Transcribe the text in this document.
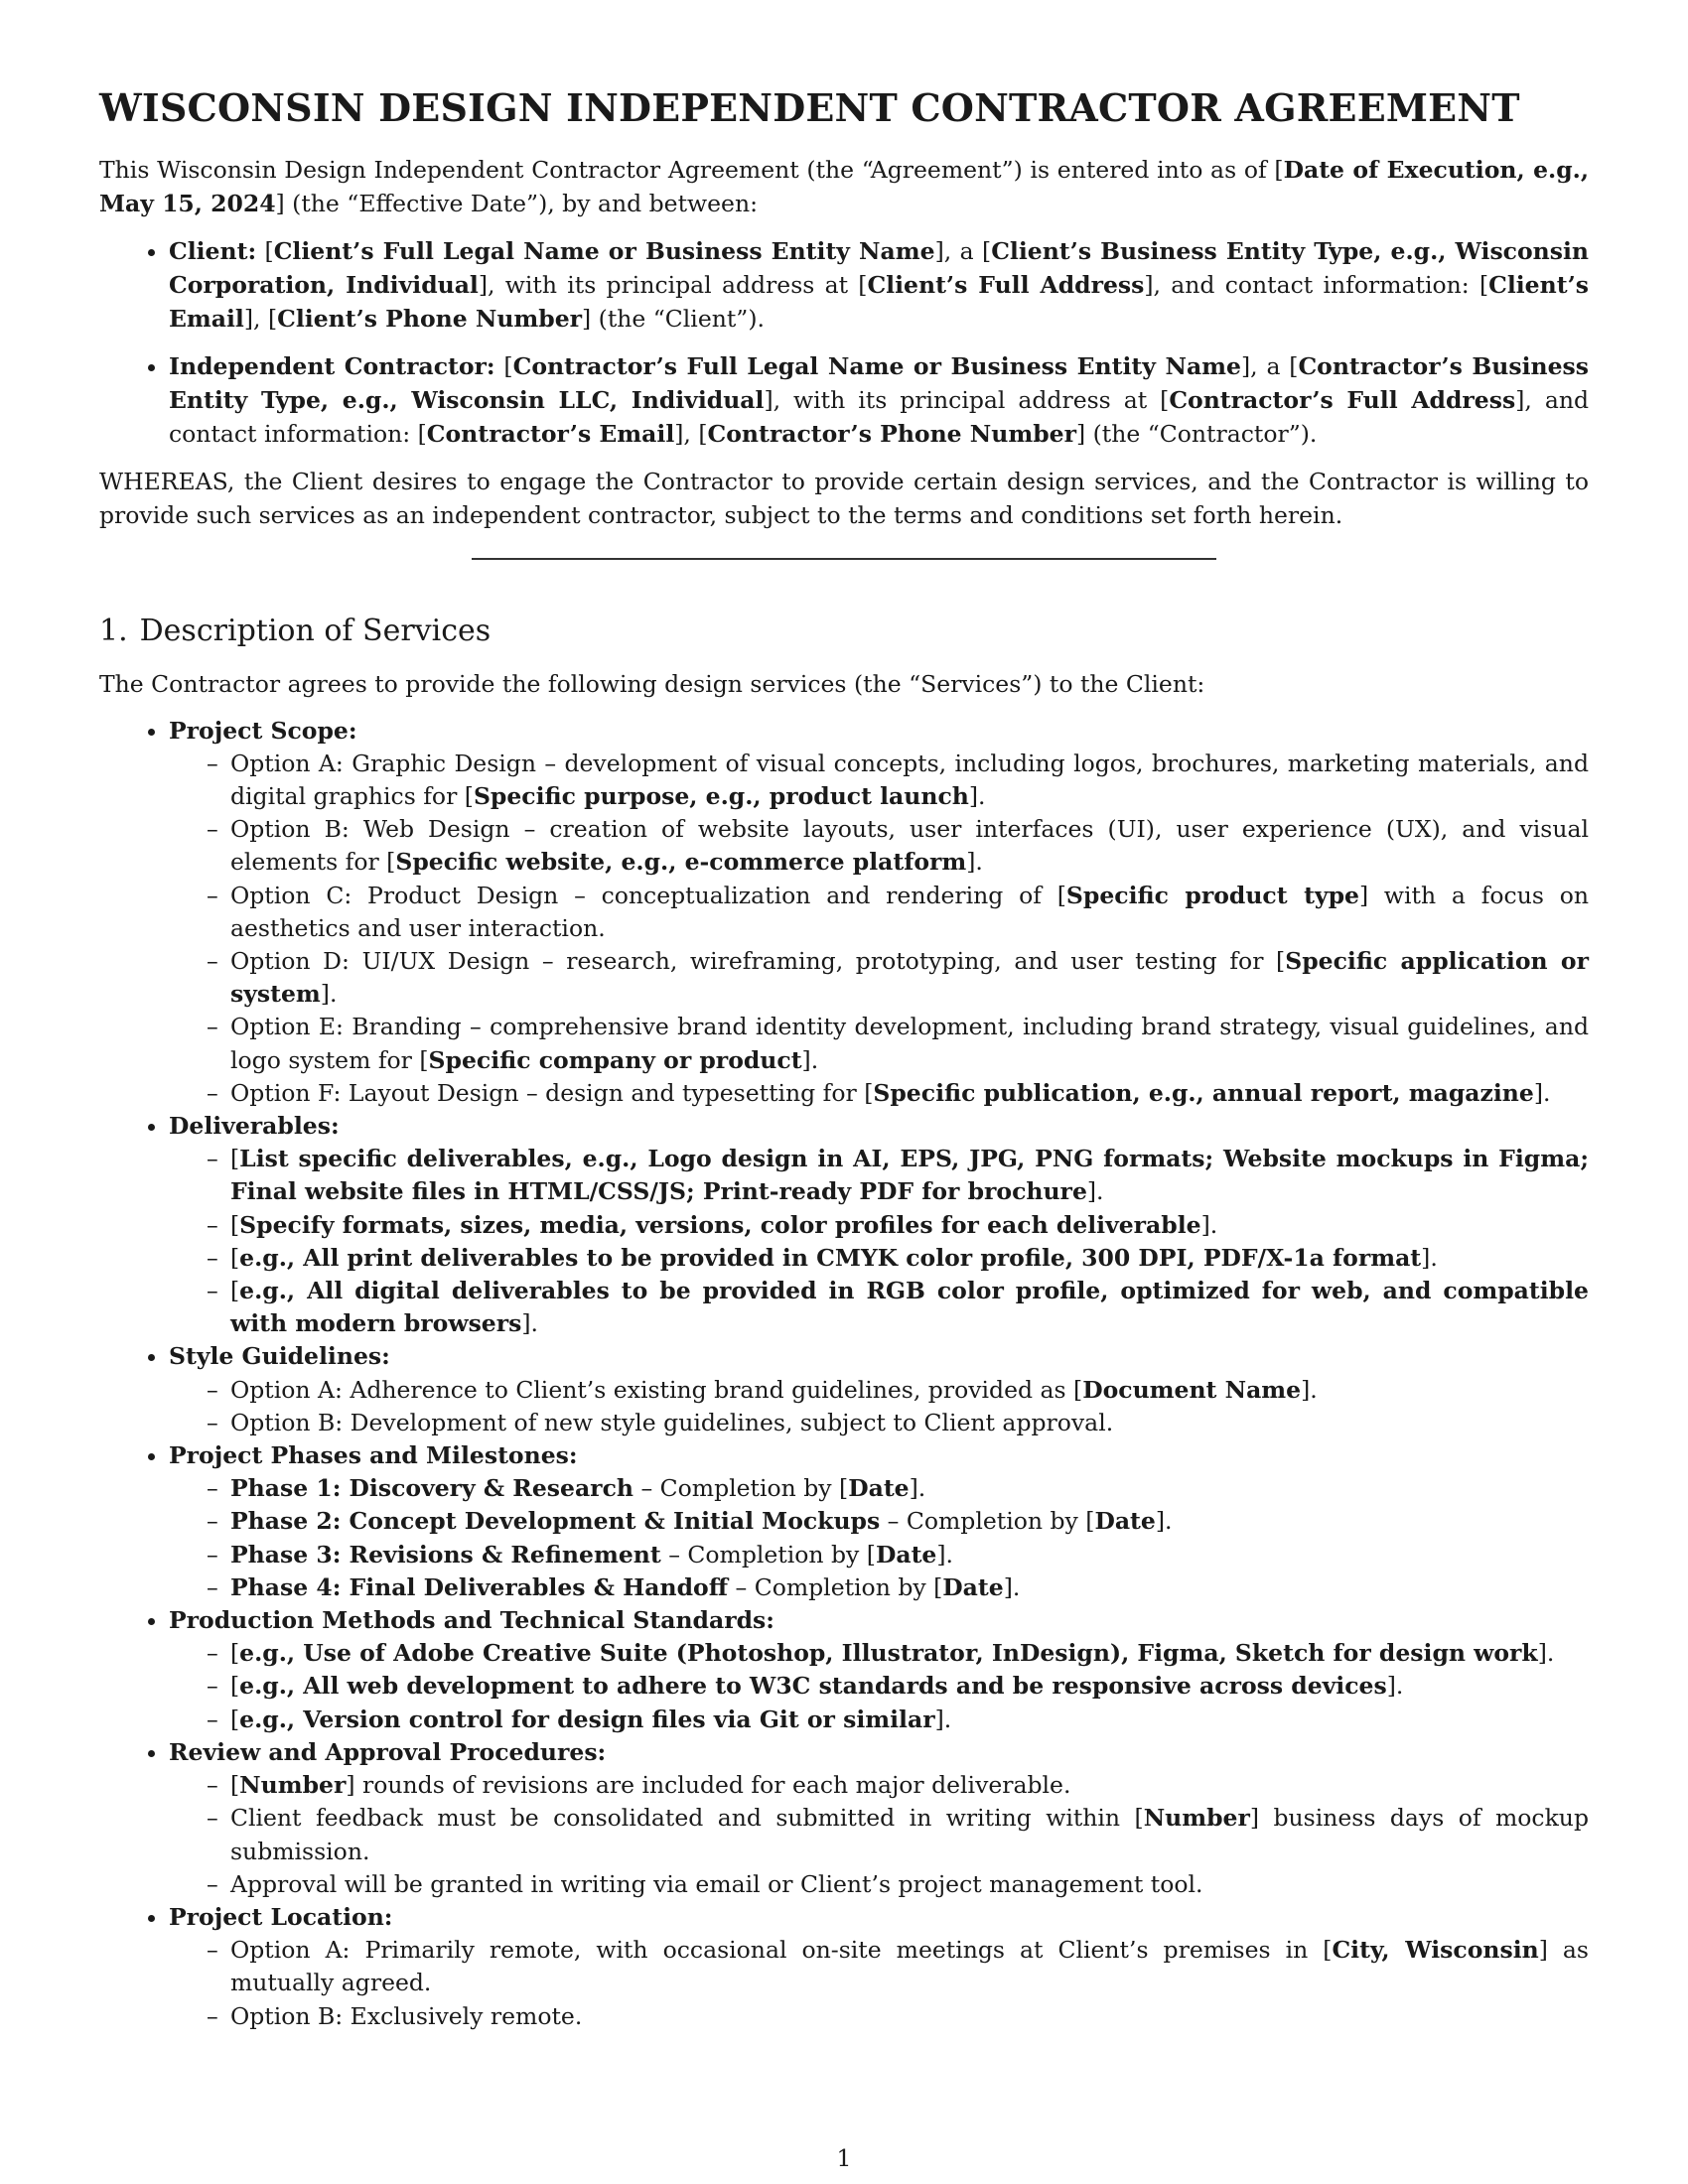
WISCONSIN DESIGN INDEPENDENT CONTRACTOR AGREEMENT

This Wisconsin Design Independent Contractor Agreement (the “Agreement”) is entered into as of [Date of Execution, e.g., May 15, 2024] (the “Effective Date”), by and between:

• Client: [Client’s Full Legal Name or Business Entity Name], a [Client’s Business Entity Type, e.g., Wisconsin Corporation, Individual], with its principal address at [Client’s Full Address], and contact information: [Client’s Email], [Client’s Phone Number] (the “Client”).
• Independent Contractor: [Contractor’s Full Legal Name or Business Entity Name], a [Contractor’s Business Entity Type, e.g., Wisconsin LLC, Individual], with its principal address at [Contractor’s Full Address], and contact information: [Contractor’s Email], [Contractor’s Phone Number] (the “Contractor”).

WHEREAS, the Client desires to engage the Contractor to provide certain design services, and the Contractor is willing to provide such services as an independent contractor, subject to the terms and conditions set forth herein.

1. Description of Services

The Contractor agrees to provide the following design services (the “Services”) to the Client:

• Project Scope:
– Option A: Graphic Design – development of visual concepts, including logos, brochures, marketing materials, and digital graphics for [Specific purpose, e.g., product launch].
– Option B: Web Design – creation of website layouts, user interfaces (UI), user experience (UX), and visual elements for [Specific website, e.g., e-commerce platform].
– Option C: Product Design – conceptualization and rendering of [Specific product type] with a focus on aesthetics and user interaction.
– Option D: UI/UX Design – research, wireframing, prototyping, and user testing for [Specific application or system].
– Option E: Branding – comprehensive brand identity development, including brand strategy, visual guidelines, and logo system for [Specific company or product].
– Option F: Layout Design – design and typesetting for [Specific publication, e.g., annual report, magazine].
• Deliverables:
– [List specific deliverables, e.g., Logo design in AI, EPS, JPG, PNG formats; Website mockups in Figma; Final website files in HTML/CSS/JS; Print-ready PDF for brochure].
– [Specify formats, sizes, media, versions, color profiles for each deliverable].
– [e.g., All print deliverables to be provided in CMYK color profile, 300 DPI, PDF/X-1a format].
– [e.g., All digital deliverables to be provided in RGB color profile, optimized for web, and compatible with modern browsers].
• Style Guidelines:
– Option A: Adherence to Client’s existing brand guidelines, provided as [Document Name].
– Option B: Development of new style guidelines, subject to Client approval.
• Project Phases and Milestones:
– Phase 1: Discovery & Research – Completion by [Date].
– Phase 2: Concept Development & Initial Mockups – Completion by [Date].
– Phase 3: Revisions & Refinement – Completion by [Date].
– Phase 4: Final Deliverables & Handoff – Completion by [Date].
• Production Methods and Technical Standards:
– [e.g., Use of Adobe Creative Suite (Photoshop, Illustrator, InDesign), Figma, Sketch for design work].
– [e.g., All web development to adhere to W3C standards and be responsive across devices].
– [e.g., Version control for design files via Git or similar].
• Review and Approval Procedures:
– [Number] rounds of revisions are included for each major deliverable.
– Client feedback must be consolidated and submitted in writing within [Number] business days of mockup submission.
– Approval will be granted in writing via email or Client’s project management tool.
• Project Location:
– Option A: Primarily remote, with occasional on-site meetings at Client’s premises in [City, Wisconsin] as mutually agreed.
– Option B: Exclusively remote.
1
